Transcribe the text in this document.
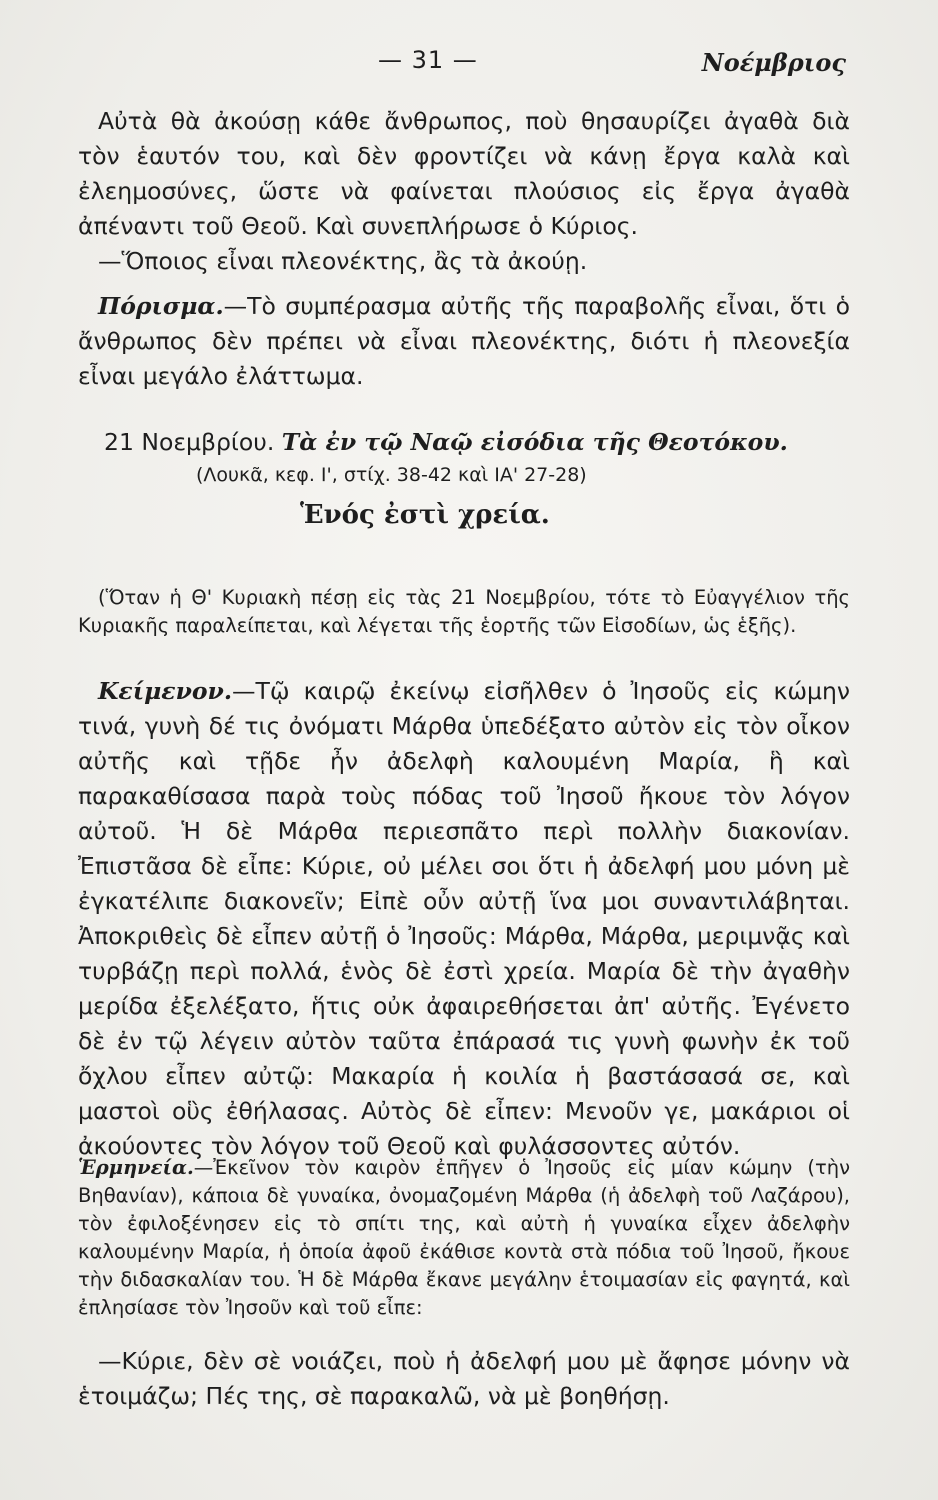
— 31 —	Νοέμβριος

Αὐτὰ θὰ ἀκούσῃ κάθε ἄνθρωπος, ποὺ θησαυρίζει ἀγαθὰ διὰ τὸν ἑαυτόν του, καὶ δὲν φροντίζει νὰ κάνῃ ἔργα καλὰ καὶ ἐλεημοσύνες, ὥστε νὰ φαίνεται πλούσιος εἰς ἔργα ἀγαθὰ ἀπέναντι τοῦ Θεοῦ. Καὶ συνεπλήρωσε ὁ Κύριος.

—Ὅποιος εἶναι πλεονέκτης, ἂς τὰ ἀκούῃ.

Πόρισμα.—Τὸ συμπέρασμα αὐτῆς τῆς παραβολῆς εἶναι, ὅτι ὁ ἄνθρωπος δὲν πρέπει νὰ εἶναι πλεονέκτης, διότι ἡ πλεονεξία εἶναι μεγάλο ἐλάττωμα.

21 Νοεμβρίου. Τὰ ἐν τῷ Ναῷ εἰσόδια τῆς Θεοτόκου.

(Λουκᾶ, κεφ. Ι', στίχ. 38-42 καὶ ΙΑ' 27-28)

Ἑνός ἐστὶ χρεία.

(Ὅταν ἡ Θ' Κυριακὴ πέσῃ εἰς τὰς 21 Νοεμβρίου, τότε τὸ Εὐαγγέλιον τῆς Κυριακῆς παραλείπεται, καὶ λέγεται τῆς ἑορτῆς τῶν Εἰσοδίων, ὡς ἑξῆς).

Κείμενον.—Τῷ καιρῷ ἐκείνῳ εἰσῆλθεν ὁ Ἰησοῦς εἰς κώμην τινά, γυνὴ δέ τις ὀνόματι Μάρθα ὑπεδέξατο αὐτὸν εἰς τὸν οἶκον αὐτῆς καὶ τῇδε ἦν ἀδελφὴ καλουμένη Μαρία, ἣ καὶ παρακαθίσασα παρὰ τοὺς πόδας τοῦ Ἰησοῦ ἤκουε τὸν λόγον αὐτοῦ. Ἡ δὲ Μάρθα περιεσπᾶτο περὶ πολλὴν διακονίαν. Ἐπιστᾶσα δὲ εἶπε: Κύριε, οὐ μέλει σοι ὅτι ἡ ἀδελφή μου μόνη μὲ ἐγκατέλιπε διακονεῖν; Εἰπὲ οὖν αὐτῇ ἵνα μοι συναντιλάβηται. Ἀποκριθεὶς δὲ εἶπεν αὐτῇ ὁ Ἰησοῦς: Μάρθα, Μάρθα, μεριμνᾷς καὶ τυρβάζῃ περὶ πολλά, ἑνὸς δὲ ἐστὶ χρεία. Μαρία δὲ τὴν ἀγαθὴν μερίδα ἐξελέξατο, ἥτις οὐκ ἀφαιρεθήσεται ἀπ' αὐτῆς. Ἐγένετο δὲ ἐν τῷ λέγειν αὐτὸν ταῦτα ἐπάρασά τις γυνὴ φωνὴν ἐκ τοῦ ὄχλου εἶπεν αὐτῷ: Μακαρία ἡ κοιλία ἡ βαστάσασά σε, καὶ μαστοὶ οὓς ἐθήλασας. Αὐτὸς δὲ εἶπεν: Μενοῦν γε, μακάριοι οἱ ἀκούοντες τὸν λόγον τοῦ Θεοῦ καὶ φυλάσσοντες αὐτόν.

Ἑρμηνεία.—Ἐκεῖνον τὸν καιρὸν ἐπῆγεν ὁ Ἰησοῦς εἰς μίαν κώμην (τὴν Βηθανίαν), κάποια δὲ γυναίκα, ὀνομαζομένη Μάρθα (ἡ ἀδελφὴ τοῦ Λαζάρου), τὸν ἐφιλοξένησεν εἰς τὸ σπίτι της, καὶ αὐτὴ ἡ γυναίκα εἶχεν ἀδελφὴν καλουμένην Μαρία, ἡ ὁποία ἀφοῦ ἐκάθισε κοντὰ στὰ πόδια τοῦ Ἰησοῦ, ἤκουε τὴν διδασκαλίαν του. Ἡ δὲ Μάρθα ἔκανε μεγάλην ἑτοιμασίαν εἰς φαγητά, καὶ ἐπλησίασε τὸν Ἰησοῦν καὶ τοῦ εἶπε:

—Κύριε, δὲν σὲ νοιάζει, ποὺ ἡ ἀδελφή μου μὲ ἄφησε μόνην νὰ ἑτοιμάζω; Πές της, σὲ παρακαλῶ, νὰ μὲ βοηθήσῃ.
